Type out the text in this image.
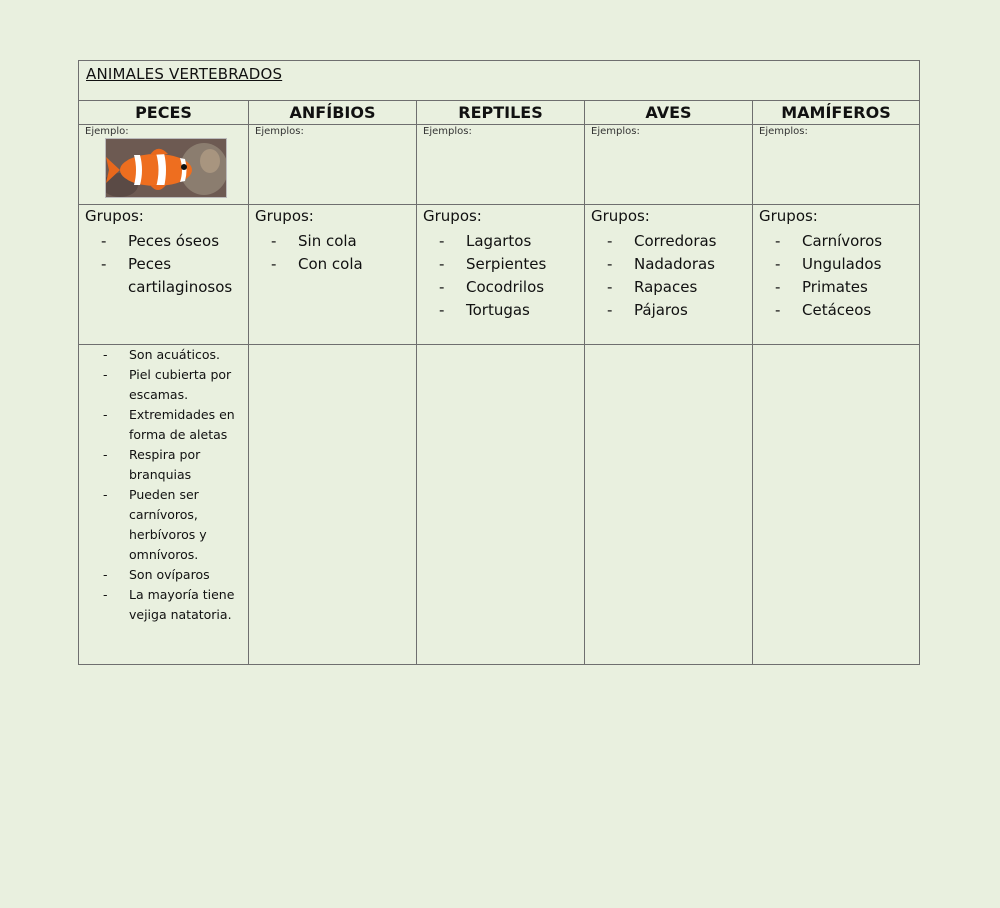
ANIMALES VERTEBRADOS
PECES
Ejemplo:
Grupos:
- Peces óseos
- Peces cartilaginosos
- Son acuáticos.
- Piel cubierta por escamas.
- Extremidades en forma de aletas
- Respira por branquias
- Pueden ser carnívoros, herbívoros y omnívoros.
- Son ovíparos
- La mayoría tiene vejiga natatoria.
ANFÍBIOS
Ejemplos:
Grupos:
- Sin cola
- Con cola
REPTILES
Ejemplos:
Grupos:
- Lagartos
- Serpientes
- Cocodrilos
- Tortugas
AVES
Ejemplos:
Grupos:
- Corredoras
- Nadadoras
- Rapaces
- Pájaros
MAMÍFEROS
Ejemplos:
Grupos:
- Carnívoros
- Ungulados
- Primates
- Cetáceos
